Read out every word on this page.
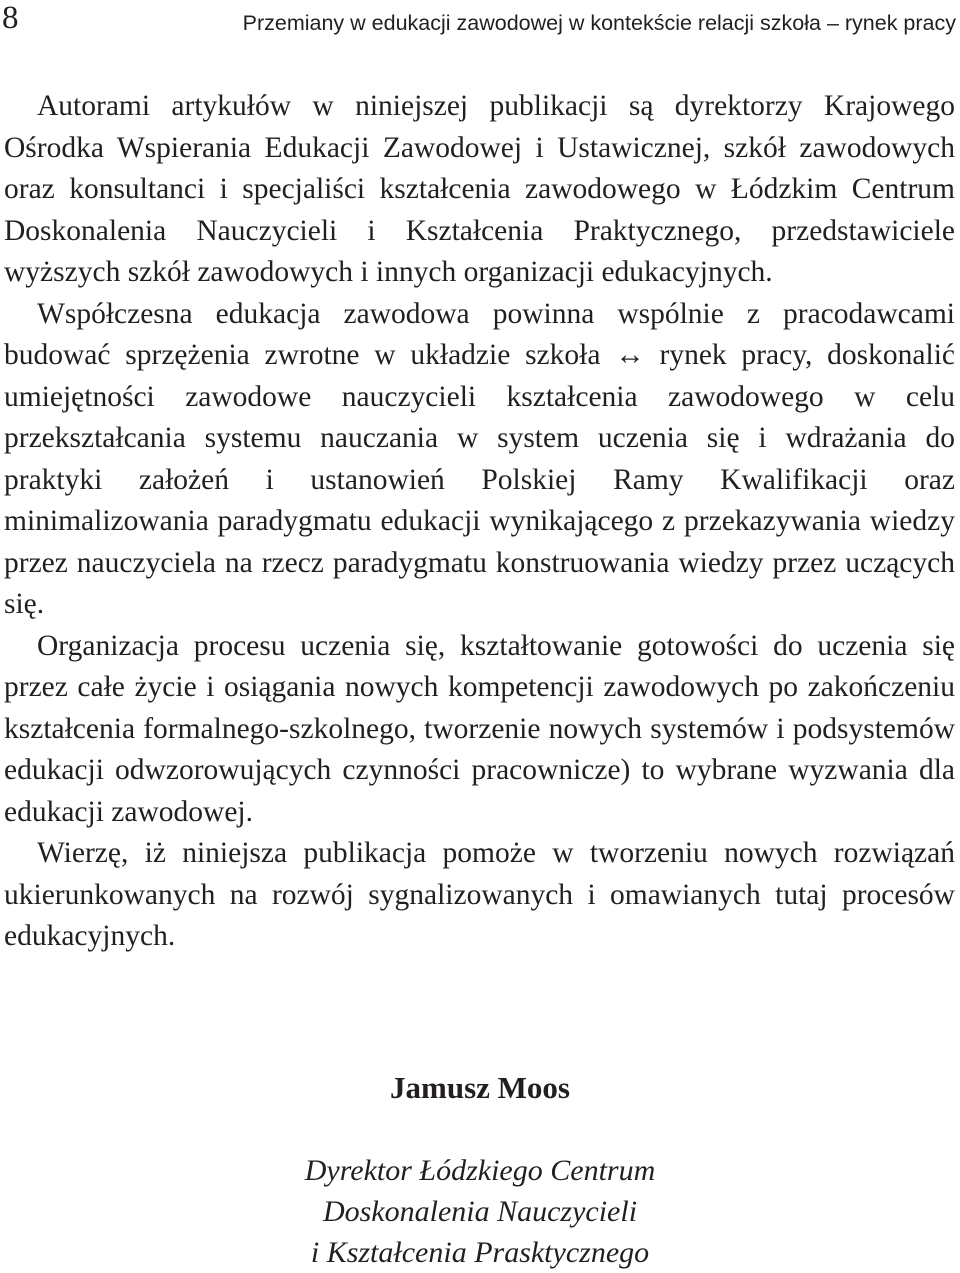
8	Przemiany w edukacji zawodowej w kontekście relacji szkoła – rynek pracy

Autorami artykułów w niniejszej publikacji są dyrektorzy Krajowego Ośrodka Wspierania Edukacji Zawodowej i Ustawicznej, szkół zawodowych oraz konsultanci i specjaliści kształcenia zawodowego w Łódzkim Centrum Doskonalenia Nauczycieli i Kształcenia Praktycznego, przedstawiciele wyższych szkół zawodowych i innych organizacji edukacyjnych.

Współczesna edukacja zawodowa powinna wspólnie z pracodawcami budować sprzężenia zwrotne w układzie szkoła ↔ rynek pracy, doskonalić umiejętności zawodowe nauczycieli kształcenia zawodowego w celu przekształcania systemu nauczania w system uczenia się i wdrażania do praktyki założeń i ustanowień Polskiej Ramy Kwalifikacji oraz minimalizowania paradygmatu edukacji wynikającego z przekazywania wiedzy przez nauczyciela na rzecz paradygmatu konstruowania wiedzy przez uczących się.

Organizacja procesu uczenia się, kształtowanie gotowości do uczenia się przez całe życie i osiągania nowych kompetencji zawodowych po zakończeniu kształcenia formalnego-szkolnego, tworzenie nowych systemów i podsystemów edukacji odwzorowujących czynności pracownicze) to wybrane wyzwania dla edukacji zawodowej.

Wierzę, iż niniejsza publikacja pomoże w tworzeniu nowych rozwiązań ukierunkowanych na rozwój sygnalizowanych i omawianych tutaj procesów edukacyjnych.

Jamusz Moos
Dyrektor Łódzkiego Centrum
Doskonalenia Nauczycieli
i Kształcenia Prasktycznego
